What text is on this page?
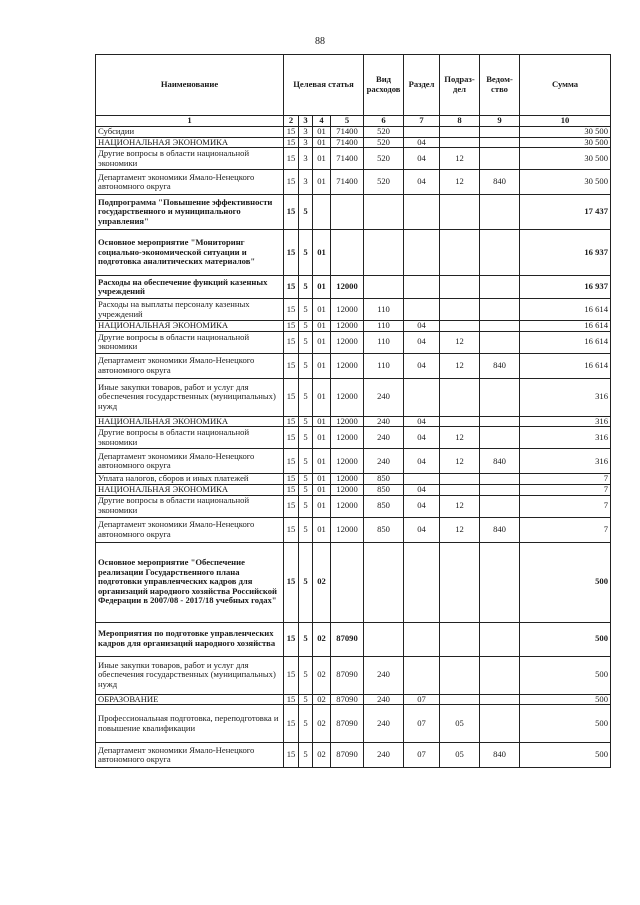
88
Наименование	Целевая статья				Вид расходов	Раздел	Подраз-дел	Ведом-ство	Сумма
1	2	3	4	5	6	7	8	9	10
Субсидии	15	3	01	71400	520				30 500
НАЦИОНАЛЬНАЯ ЭКОНОМИКА	15	3	01	71400	520	04			30 500
Другие вопросы в области национальной экономики	15	3	01	71400	520	04	12		30 500
Департамент экономики Ямало-Ненецкого автономного округа	15	3	01	71400	520	04	12	840	30 500
Подпрограмма "Повышение эффективности государственного и муниципального управления"	15	5							17 437
Основное мероприятие "Мониторинг социально-экономической ситуации и подготовка аналитических материалов"	15	5	01						16 937
Расходы на обеспечение функций казенных учреждений	15	5	01	12000					16 937
Расходы на выплаты персоналу казенных учреждений	15	5	01	12000	110				16 614
НАЦИОНАЛЬНАЯ ЭКОНОМИКА	15	5	01	12000	110	04			16 614
Другие вопросы в области национальной экономики	15	5	01	12000	110	04	12		16 614
Департамент экономики Ямало-Ненецкого автономного округа	15	5	01	12000	110	04	12	840	16 614
Иные закупки товаров, работ и услуг для обеспечения государственных (муниципальных) нужд	15	5	01	12000	240				316
НАЦИОНАЛЬНАЯ ЭКОНОМИКА	15	5	01	12000	240	04			316
Другие вопросы в области национальной экономики	15	5	01	12000	240	04	12		316
Департамент экономики Ямало-Ненецкого автономного округа	15	5	01	12000	240	04	12	840	316
Уплата налогов, сборов и иных платежей	15	5	01	12000	850				7
НАЦИОНАЛЬНАЯ ЭКОНОМИКА	15	5	01	12000	850	04			7
Другие вопросы в области национальной экономики	15	5	01	12000	850	04	12		7
Департамент экономики Ямало-Ненецкого автономного округа	15	5	01	12000	850	04	12	840	7
Основное мероприятие "Обеспечение реализации Государственного плана подготовки управленческих кадров для организаций народного хозяйства Российской Федерации в 2007/08 - 2017/18 учебных годах"	15	5	02						500
Мероприятия по подготовке управленческих кадров для организаций народного хозяйства	15	5	02	87090					500
Иные закупки товаров, работ и услуг для обеспечения государственных (муниципальных) нужд	15	5	02	87090	240				500
ОБРАЗОВАНИЕ	15	5	02	87090	240	07			500
Профессиональная подготовка, переподготовка и повышение квалификации	15	5	02	87090	240	07	05		500
Департамент экономики Ямало-Ненецкого автономного округа	15	5	02	87090	240	07	05	840	500
